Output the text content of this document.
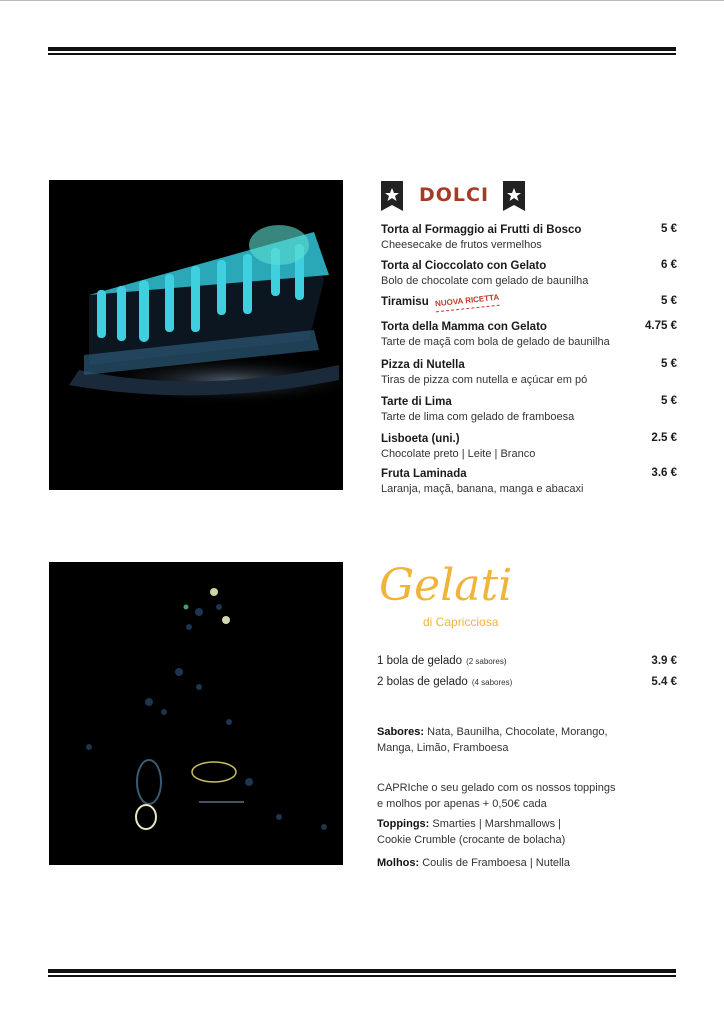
DOLCI
Torta al Formaggio ai Frutti di Bosco
Cheesecake de frutos vermelhos
5 €
Torta al Cioccolato con Gelato
Bolo de chocolate com gelado de baunilha
6 €
Tiramisu NUOVA RICETTA	5 €
Torta della Mamma con Gelato
Tarte de maçã com bola de gelado de baunilha
4.75 €
Pizza di Nutella
Tiras de pizza com nutella e açúcar em pó
5 €
Tarte di Lima
Tarte de lima com gelado de framboesa
5 €
Lisboeta (uni.)
Chocolate preto | Leite | Branco
2.5 €
Fruta Laminada
Laranja, maçã, banana, manga e abacaxi
3.6 €
Gelati
di Capricciosa
1 bola de gelado (2 sabores)	3.9 €
2 bolas de gelado (4 sabores)	5.4 €
Sabores: Nata, Baunilha, Chocolate, Morango,
Manga, Limão, Framboesa
CAPRIche o seu gelado com os nossos toppings
e molhos por apenas + 0,50€ cada
Toppings: Smarties | Marshmallows |
Cookie Crumble (crocante de bolacha)
Molhos: Coulis de Framboesa | Nutella
